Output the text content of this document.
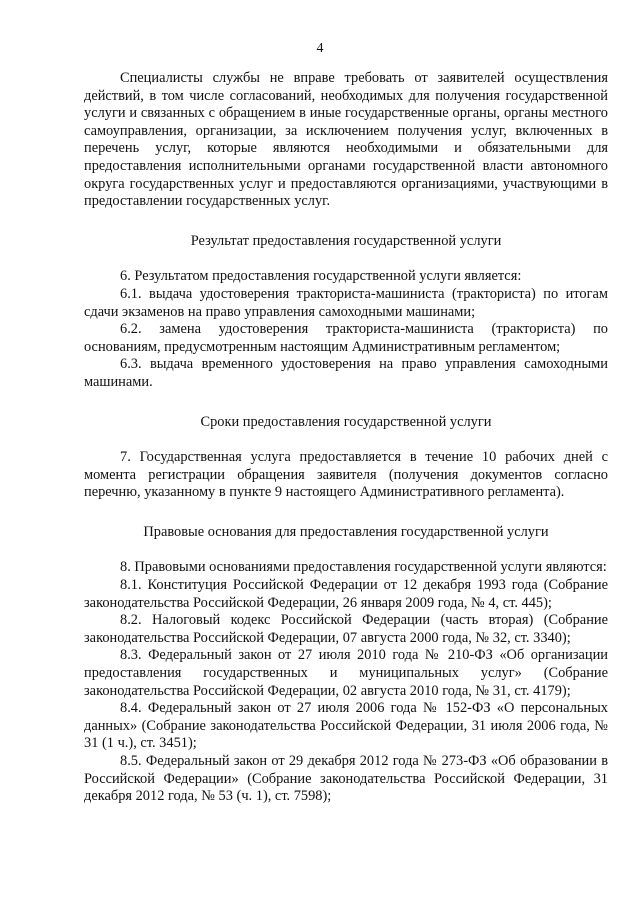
4

Специалисты службы не вправе требовать от заявителей осуществления действий, в том числе согласований, необходимых для получения государственной услуги и связанных с обращением в иные государственные органы, органы местного самоуправления, организации, за исключением получения услуг, включенных в перечень услуг, которые являются необходимыми и обязательными для предоставления исполнительными органами государственной власти автономного округа государственных услуг и предоставляются организациями, участвующими в предоставлении государственных услуг.

Результат предоставления государственной услуги

6. Результатом предоставления государственной услуги является:

6.1. выдача удостоверения тракториста-машиниста (тракториста) по итогам сдачи экзаменов на право управления самоходными машинами;

6.2. замена удостоверения тракториста-машиниста (тракториста) по основаниям, предусмотренным настоящим Административным регламентом;

6.3. выдача временного удостоверения на право управления самоходными машинами.

Сроки предоставления государственной услуги

7. Государственная услуга предоставляется в течение 10 рабочих дней с момента регистрации обращения заявителя (получения документов согласно перечню, указанному в пункте 9 настоящего Административного регламента).

Правовые основания для предоставления государственной услуги

8. Правовыми основаниями предоставления государственной услуги являются:

8.1. Конституция Российской Федерации от 12 декабря 1993 года (Собрание законодательства Российской Федерации, 26 января 2009 года, № 4, ст. 445);

8.2. Налоговый кодекс Российской Федерации (часть вторая) (Собрание законодательства Российской Федерации, 07 августа 2000 года, № 32, ст. 3340);

8.3. Федеральный закон от 27 июля 2010 года № 210-ФЗ «Об организации предоставления государственных и муниципальных услуг» (Собрание законодательства Российской Федерации, 02 августа 2010 года, № 31, ст. 4179);

8.4. Федеральный закон от 27 июля 2006 года № 152-ФЗ «О персональных данных» (Собрание законодательства Российской Федерации, 31 июля 2006 года, № 31 (1 ч.), ст. 3451);

8.5. Федеральный закон от 29 декабря 2012 года № 273-ФЗ «Об образовании в Российской Федерации» (Собрание законодательства Российской Федерации, 31 декабря 2012 года, № 53 (ч. 1), ст. 7598);
